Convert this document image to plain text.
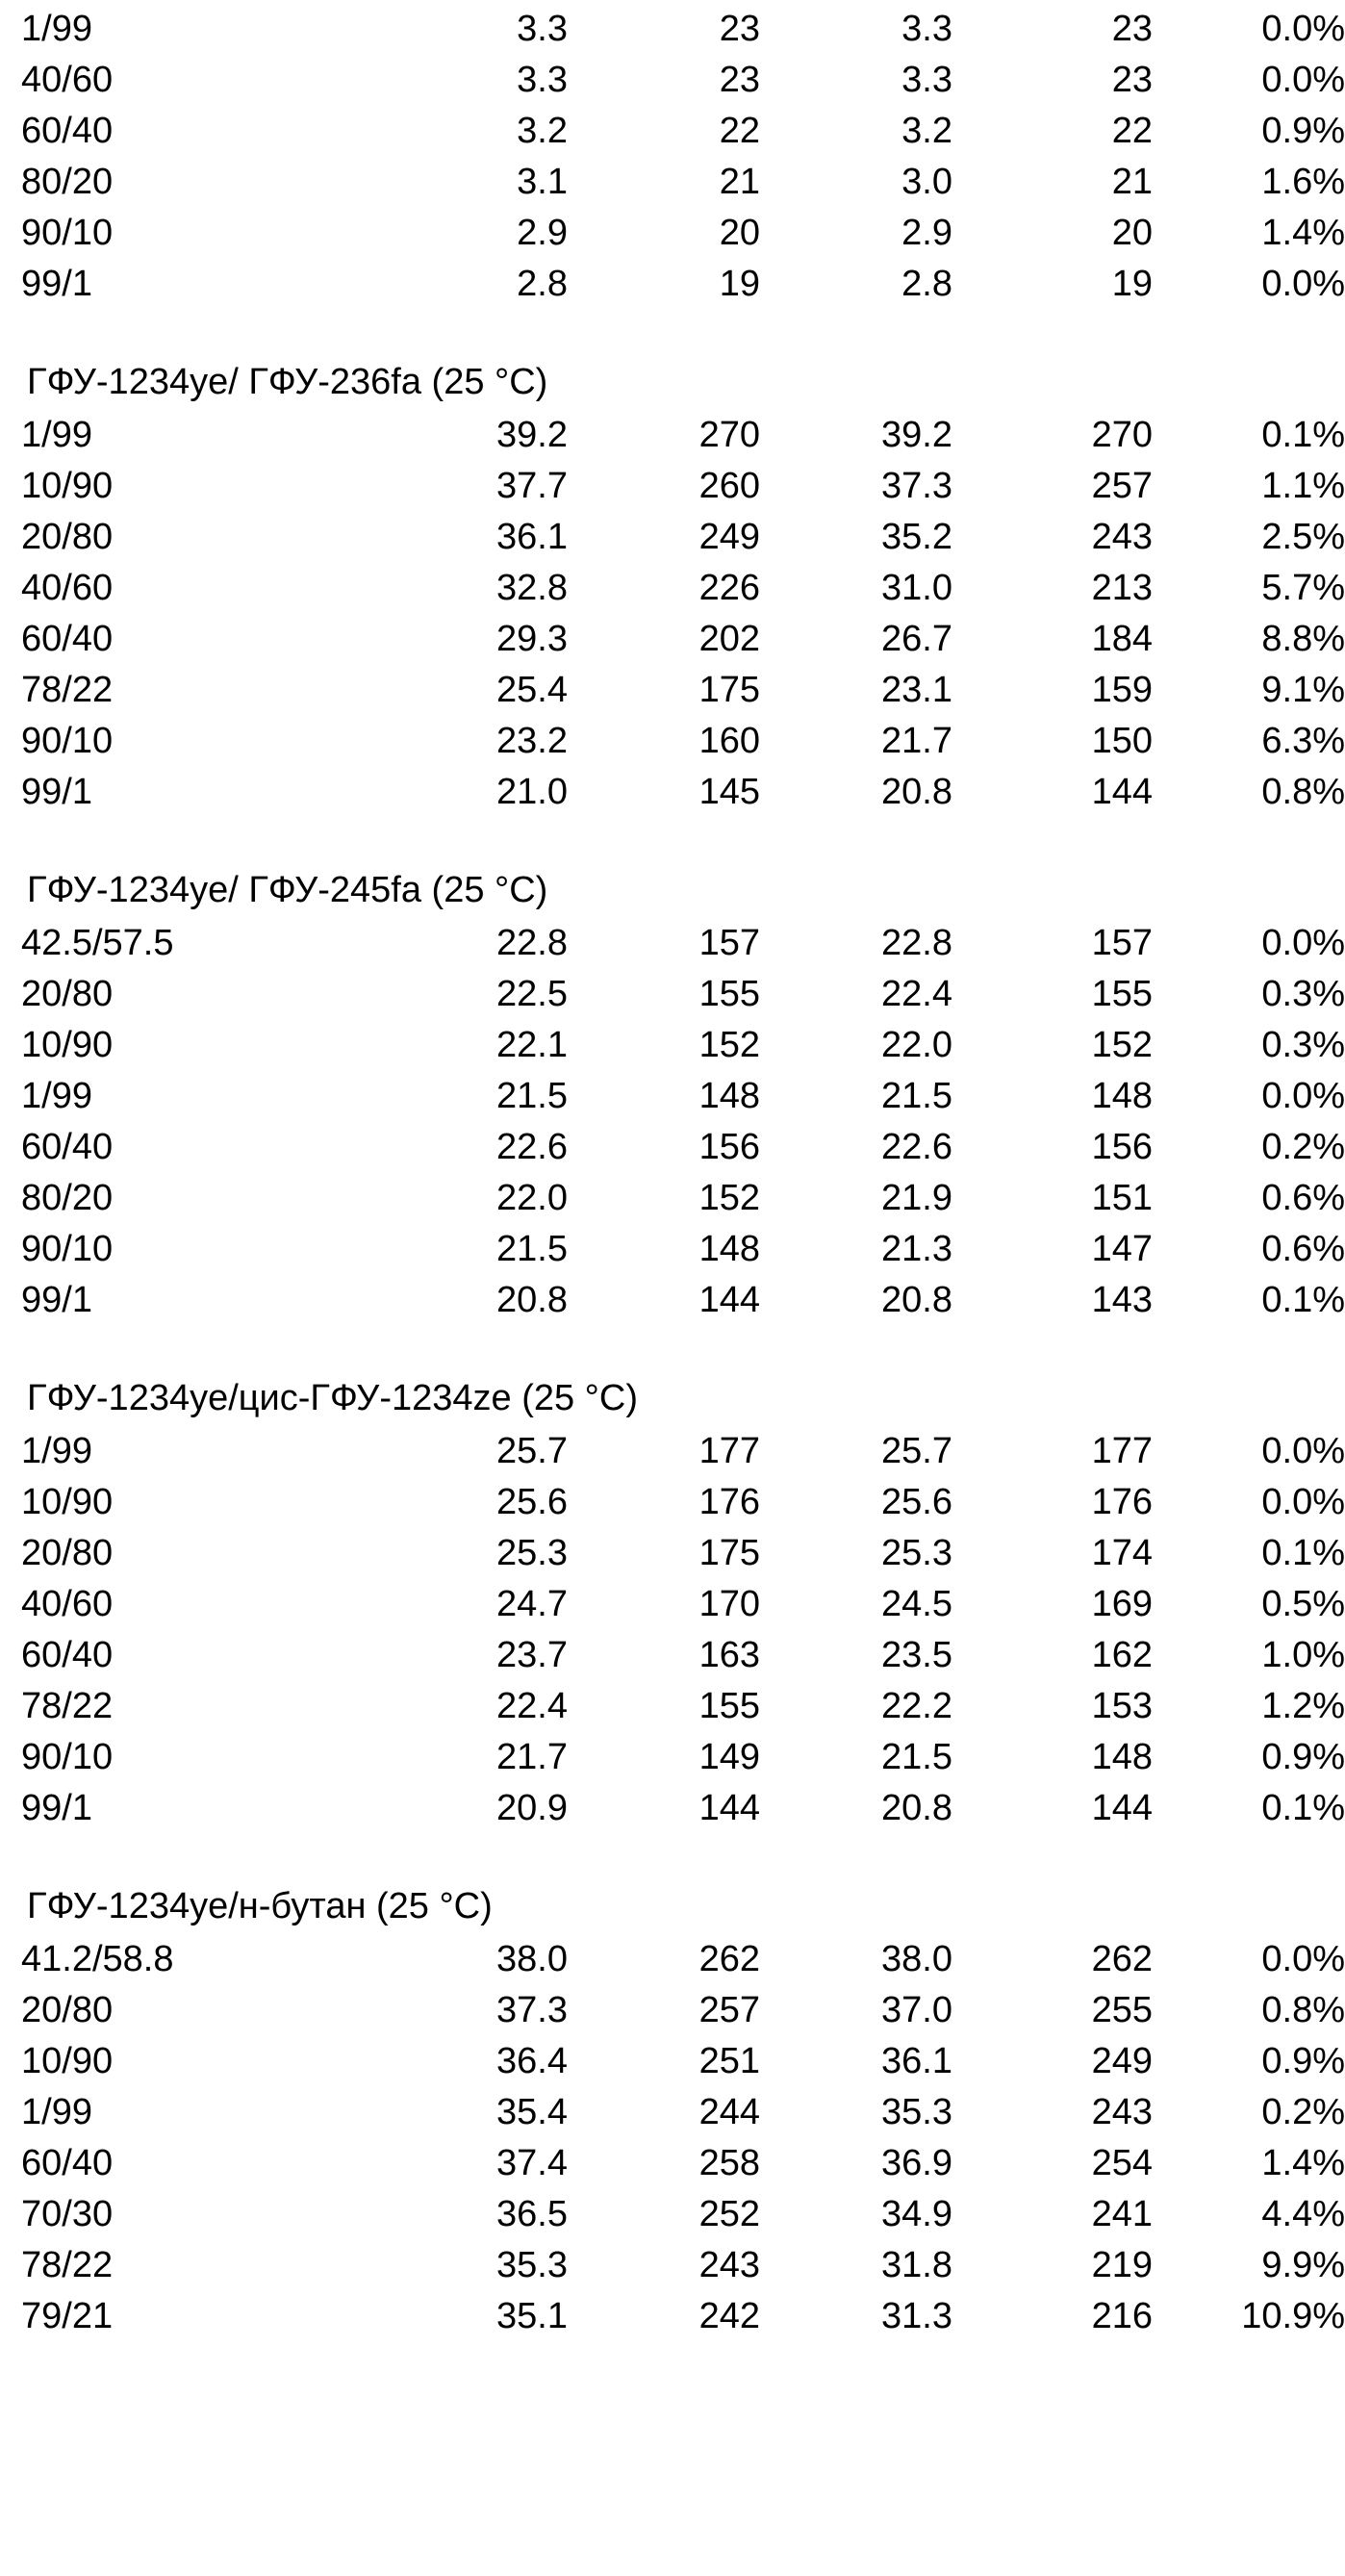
1/99	3.3	23	3.3	23	0.0%
40/60	3.3	23	3.3	23	0.0%
60/40	3.2	22	3.2	22	0.9%
80/20	3.1	21	3.0	21	1.6%
90/10	2.9	20	2.9	20	1.4%
99/1	2.8	19	2.8	19	0.0%

ГФУ-1234ye/ ГФУ-236fa (25 °C)					
1/99	39.2	270	39.2	270	0.1%
10/90	37.7	260	37.3	257	1.1%
20/80	36.1	249	35.2	243	2.5%
40/60	32.8	226	31.0	213	5.7%
60/40	29.3	202	26.7	184	8.8%
78/22	25.4	175	23.1	159	9.1%
90/10	23.2	160	21.7	150	6.3%
99/1	21.0	145	20.8	144	0.8%

ГФУ-1234ye/ ГФУ-245fa (25 °C)					
42.5/57.5	22.8	157	22.8	157	0.0%
20/80	22.5	155	22.4	155	0.3%
10/90	22.1	152	22.0	152	0.3%
1/99	21.5	148	21.5	148	0.0%
60/40	22.6	156	22.6	156	0.2%
80/20	22.0	152	21.9	151	0.6%
90/10	21.5	148	21.3	147	0.6%
99/1	20.8	144	20.8	143	0.1%

ГФУ-1234ye/цис-ГФУ-1234ze (25 °C)					
1/99	25.7	177	25.7	177	0.0%
10/90	25.6	176	25.6	176	0.0%
20/80	25.3	175	25.3	174	0.1%
40/60	24.7	170	24.5	169	0.5%
60/40	23.7	163	23.5	162	1.0%
78/22	22.4	155	22.2	153	1.2%
90/10	21.7	149	21.5	148	0.9%
99/1	20.9	144	20.8	144	0.1%

ГФУ-1234ye/н-бутан (25 °C)					
41.2/58.8	38.0	262	38.0	262	0.0%
20/80	37.3	257	37.0	255	0.8%
10/90	36.4	251	36.1	249	0.9%
1/99	35.4	244	35.3	243	0.2%
60/40	37.4	258	36.9	254	1.4%
70/30	36.5	252	34.9	241	4.4%
78/22	35.3	243	31.8	219	9.9%
79/21	35.1	242	31.3	216	10.9%
